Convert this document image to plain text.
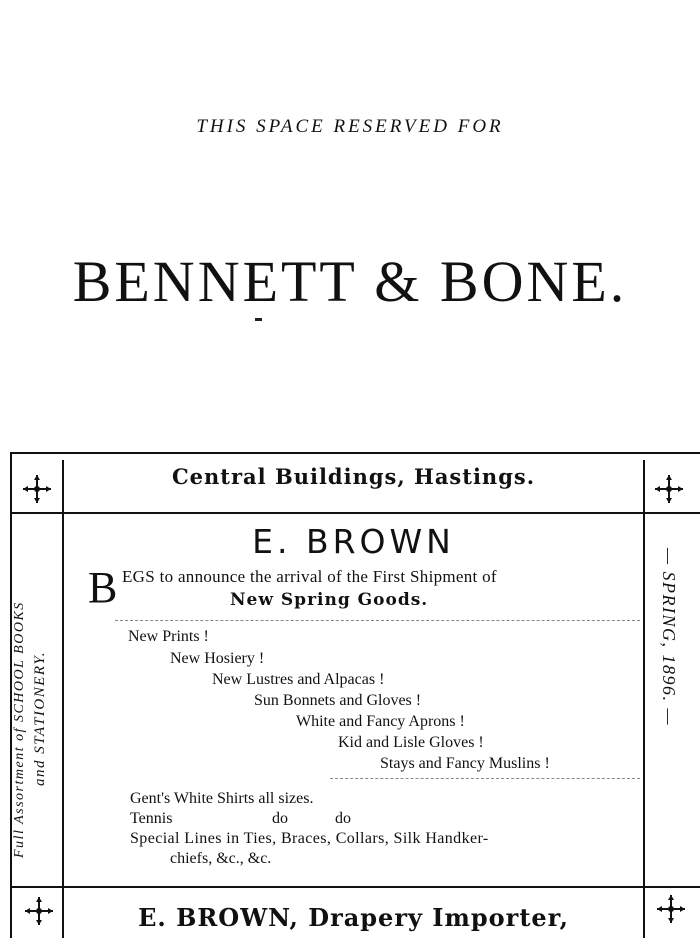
THIS SPACE RESERVED FOR
BENNETT & BONE.
Central Buildings, Hastings.
Full Assortment of SCHOOL BOOKS and STATIONERY.	— SPRING, 1896. —
E. BROWN
B EGS to announce the arrival of the First Shipment of
New Spring Goods.
New Prints !
New Hosiery !
New Lustres and Alpacas !
Sun Bonnets and Gloves !
White and Fancy Aprons !
Kid and Lisle Gloves !
Stays and Fancy Muslins !
Gent's White Shirts all sizes.
Tennis	do	do
Special Lines in Ties, Braces, Collars, Silk Handker-
chiefs, &c., &c.
E. BROWN, Drapery Importer,
